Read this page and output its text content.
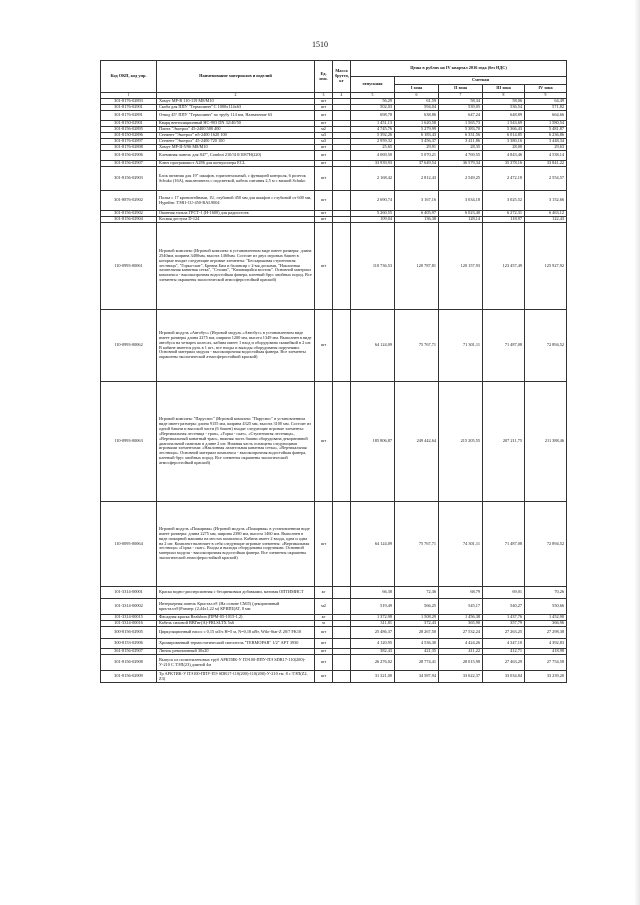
1510
Код ОКП, код упр.	Наименование материалов и изделий	Ед. изм.	Масса брутто, кг	Цены в рублях на IV квартал 2016 года (без НДС)				
				отпускная	Сметная			
					I зона	II зона	III зона	IV зона
1	2	3	4	5	6	7	8	9
301-8176-02893	Хомут МР-R 110-119 M8/M10	шт		56,29	61,59	58,34	58,06	64,49
301-8176-02901	Скоба для ППУ "Термолинн" С 1000х114х63	шт		502,03	594,04	539,05	536,54	571,82
301-8176-02891	Отвод 45° ППУ "Термолинн" по трубу 114 мм, Назначение 63	шт		698,78	638,86	647,24	648,89	664,66
301-8150-02901	Кварц вентиляционный НС-903 DN 32/40/50	шт		1 451,13	1 620,58	1 565,73	1 543,69	1 580,54
301-8156-02895	Плита "Экотрол" 45-2400 580 400	м2		4 745,76	5 279,99	5 383,70	5 366,43	5 481,87
301-8150-02896	Сегмент "Экотрол" н5-2400 1620 100	м3		5 392,26	6 183,43	6 331,56	6 014,85	6 236,86
301-8176-02897	Сегмент "Экотрол" 45-2400 720 100	м3		2 959,32	3 456,37	3 411,86	3 380,16	3 448,34
301-8176-02898	Хомут МР-II-5/96 М8/М10	шт		25,65	29,91	28,35	28,00	29,63
301-8156-02906	Клеммная панель для 847", Combot 210/310/1087H(220)	шт		4 069,50	5 070,21	4 769,55	4 843,46	4 538,14
301-8156-02907	Ключ программист A286 для контроллера ECL	шт		33 939,93	37 649,54	36 579,34	35 378,16	33 841,22
301-8156-02903	Блок питания для 19" шкафов, горизонтальный, с функцией контроля, 6 розеток Schuko (16А), выключатель с подсветкой, кабель питания 2,5 м с вилкой Schuko	шт		2 168,42	2 812,43	2 549,25	2 472,18	2 554,57
301-8876-02902	Полка с 17 кронштейнами, 1U, глубиной 450 мм для шкафов с глубиной от 600 мм, Нурейнс ТЭВ1-1U-450-RAL9004	шт		2 690,74	3 167,16	3 034,18	3 025,52	3 152,66
301-8156-02902	Оконная гильза ГРСТ-1 (Н-1600) для радиостоек	шт		5 260,55	6 405,97	6 023,40	6 272,31	6 463,12
301-8156-02904	Косвая доступа D-124	шт		109,04	136,38	128,14	118,97	122,43
110-0993-00061	Игровой комплекс (Игровой комплекс в установленном виде имеет размеры: длина 2540мм, ширина 3480мм, высота 1460мм. Состоит из двух игровых башен в которые входят следующие игровые элементы: "Бесхарьковая ступенчатая лестница", "Горка-скат", Бревна Бим и балансир с 2-мя досками, "Наклонная лазательная канатная сетка", "Столик", "Качающийся мостик". Основной материал комплекса - высокопрочная водостойкая фанера, клееный брус хвойных пород. Все элементы окрашены экологической атмосферостойкой краской)	шт		110 736,53	120 787,81	120 157,93	123 457,49	125 927,92
110-0993-00062	Игровой модуль «Автобус» (Игровой модуль «Автобус» в установленном виде имеет размеры длина 2275 мм, ширина 1200 мм, высота 1349 мм. Выполнен в виде автобуса на четырех колесах, кабина имеет 1 вход и оборудована скамейкой в 2 шт. В кабине имеется руль в 1 шт., все входы и выходы оборудованы поручнями. Основной материал модуля - высокопрочная водостойкая фанера. Все элементы окрашены экологической атмосферостойкой краской)	шт		64 124,09	75 767,71	71 301,11	71 487,08	72 894,52
110-0993-00063	Игровой комплекс "Паруснос" (Игровой комплекс "Паруснос" в установленном виде имеет размеры: длина 9155 мм, ширина 4325 мм, высота 3100 мм. Состоит из одной башни и высокой части (6 башен) входят следующие игровые элементы: «Вертикальная лестница - трап», «Горка - скат», «Ступенчатая лестница», «Вертикальный канатный трап», нижняя часть башни оборудована декоративной диагональной панелью в длине 2 шт. Нижняя часть оснащена следующими игровыми элементами: «Наклонная лазательная канатная сетка», «Вертикальная лестница». Основной материал комплекса - высокопрочная водостойкая фанера, клееный брус хвойных пород. Все элементы окрашены экологической атмосферостойкой краской)	шт		185 806,87	249 442,64	215 205,55	207 211,75	211 388,46
110-0095-00064	Игровой модуль «Пожарная» (Игровой модуль «Пожарная» в установленном виде имеет размеры: длина 2275 мм, ширина 2380 мм, высота 1460 мм. Выполнен в виде пожарной машины на местах комплекса. Кабина имеет 2 входа, одна и одна на 2 шт. Комплект включает в себя следующие игровые элементы: «Вертикальная лестница» «Горка - скат». Входы и выходы оборудованы поручнями. Основной материал модуля - высокопрочная водостойкая фанера. Все элементы окрашены экологической атмосферостойкой краской)	шт		64 124,09	75 767,71	74 301,11	71 487,08	72 894,52
101-3314-00001	Краска водно-дисперсионная с бесцинковым добавками, матовая ОПТИМИСТ	кг		66,38	72,36	68,79	69,01	70,26
101-3314-00002	Интерьерная панель Кристалл® (На основе СМЛ) (декоративный кристалл®)Размер: (2,44х1,22 м) КРИПЦАТ, 8 мм	м2		519,49	566,25	545,17	540,27	550,66
101-3314-00015	Фасадная краска Realsbon (ПРМ-05-1015-1,2)	кг		1 372,98	1 508,29	1 456,38	1 437,76	1 452,90
101-3314-00016	Кабель силовой ВВГнг(А)-FRLSLTX 5х6	м		311,81	372,43	365,90	357,79	366,96
300-8156-02905	Циркуляционный насос с 0,15 м3/ч Н=5 м, N=0,18 кВт, Wilo-Star-Z 20/7 FK10	шт		25 486,37	28 267,50	27 532,24	27 263,25	27 298,38
300-8153-02906	Хромированный термостатический смеситель "TERMOPAR" 1/2" АРТ 3930	шт		4 120,95	4 536,30	4 424,26	4 347,10	4 392,83
361-8156-02907	Лючок ревизионный 30х20	шт		382,43	421,35	411,22	412,71	418,98
301-8156-02908	Выпуск из полиэтиленовых труб АРКТИК-У ПЭ100-ППУ-ПЭ SDR17-110(200)-У-210 С ТЭП(23) длиной 4м	шт		26 276,02	28 774,41	28 015,98	27 463,29	27 754,58
301-8156-02909	Тр АРКТИК-У ПЭ100-ППУ-ПЭ SDR17-110(200)-110(200)-У-210 тм. 8 с ТЭП(Z2, Z3)	шт		31 321,00	34 587,94	33 622,37	33 034,84	33 239,20
